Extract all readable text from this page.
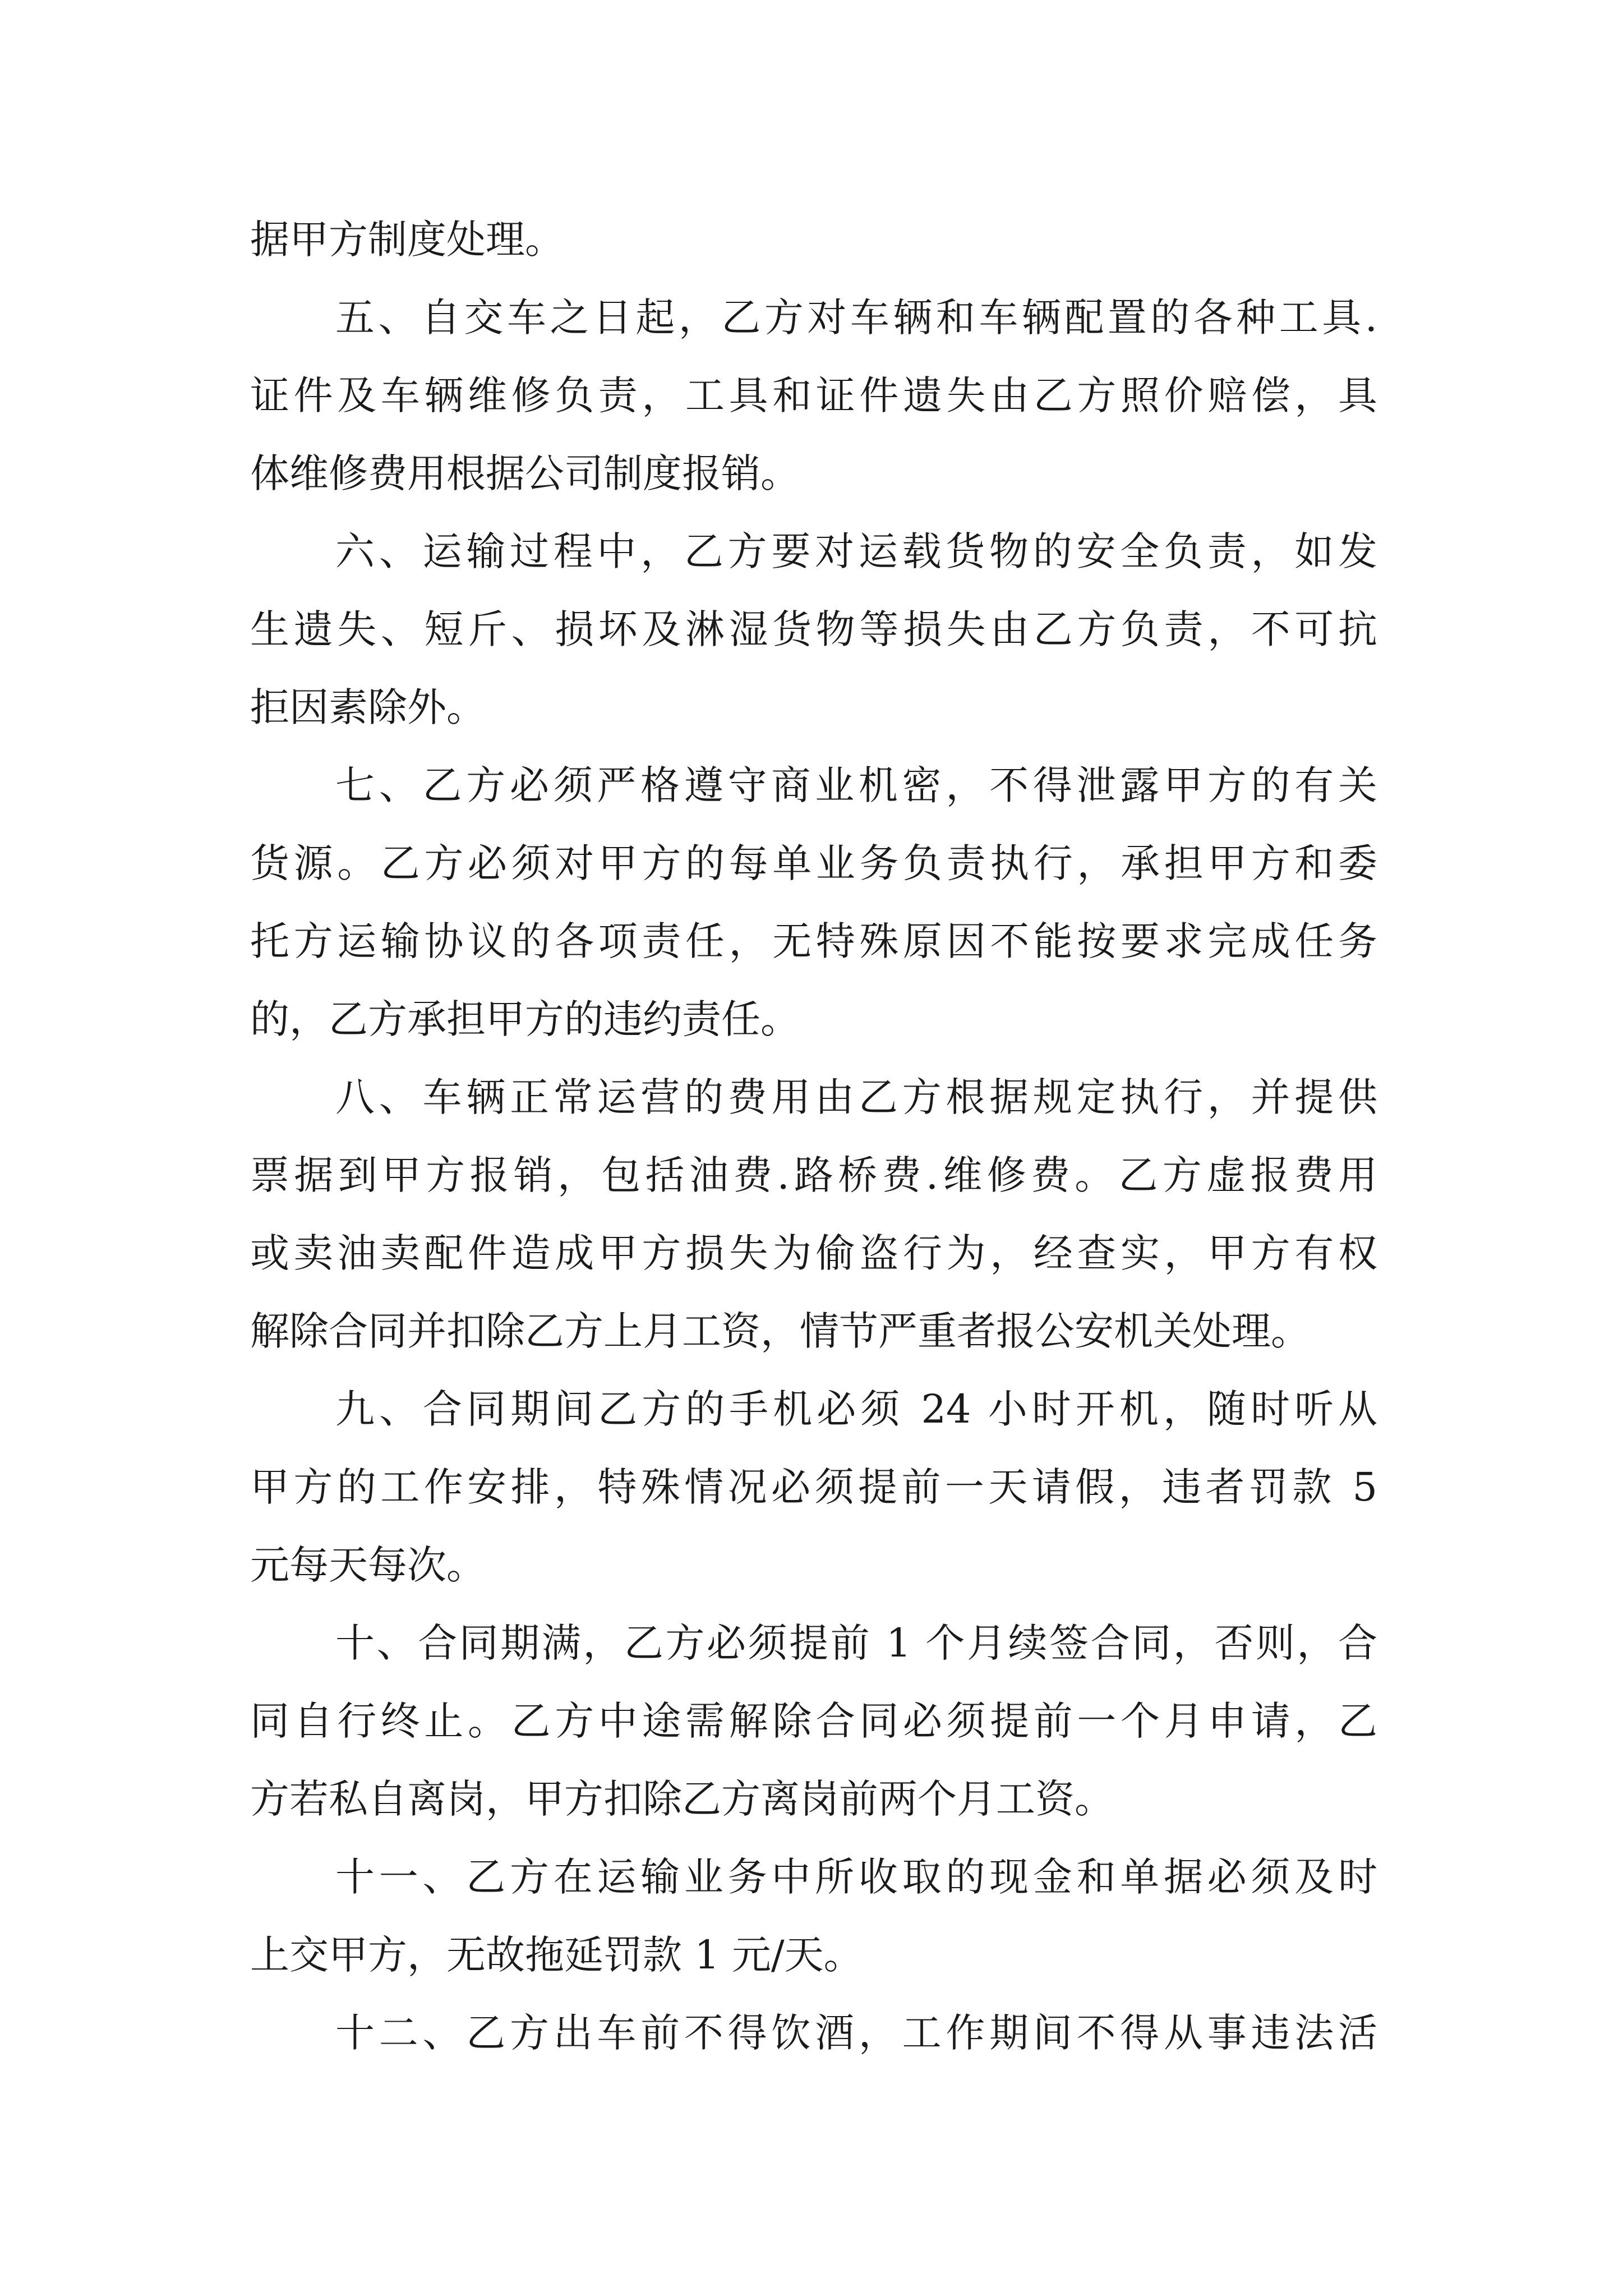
据甲方制度处理。

五、自交车之日起，乙方对车辆和车辆配置的各种工具.

证件及车辆维修负责，工具和证件遗失由乙方照价赔偿，具

体维修费用根据公司制度报销。

六、运输过程中，乙方要对运载货物的安全负责，如发

生遗失、短斤、损坏及淋湿货物等损失由乙方负责，不可抗

拒因素除外。

七、乙方必须严格遵守商业机密，不得泄露甲方的有关

货源。乙方必须对甲方的每单业务负责执行，承担甲方和委

托方运输协议的各项责任，无特殊原因不能按要求完成任务

的，乙方承担甲方的违约责任。

八、车辆正常运营的费用由乙方根据规定执行，并提供

票据到甲方报销，包括油费.路桥费.维修费。乙方虚报费用

或卖油卖配件造成甲方损失为偷盗行为，经查实，甲方有权

解除合同并扣除乙方上月工资，情节严重者报公安机关处理。

九、合同期间乙方的手机必须 24 小时开机，随时听从

甲方的工作安排，特殊情况必须提前一天请假，违者罚款 5

元每天每次。

十、合同期满，乙方必须提前 1 个月续签合同，否则，合

同自行终止。乙方中途需解除合同必须提前一个月申请，乙

方若私自离岗，甲方扣除乙方离岗前两个月工资。

十一、乙方在运输业务中所收取的现金和单据必须及时

上交甲方，无故拖延罚款 1 元/天。

十二、乙方出车前不得饮酒，工作期间不得从事违法活
